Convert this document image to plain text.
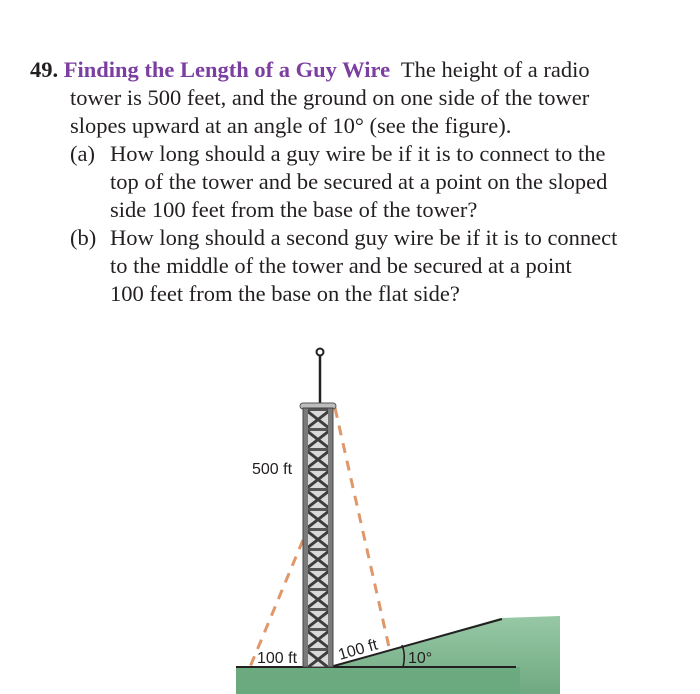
49. Finding the Length of a Guy Wire The height of a radio
tower is 500 feet, and the ground on one side of the tower
slopes upward at an angle of 10° (see the figure).
(a) How long should a guy wire be if it is to connect to the
top of the tower and be secured at a point on the sloped
side 100 feet from the base of the tower?
(b) How long should a second guy wire be if it is to connect
to the middle of the tower and be secured at a point
100 feet from the base on the flat side?
500 ft
100 ft 100 ft 10°
